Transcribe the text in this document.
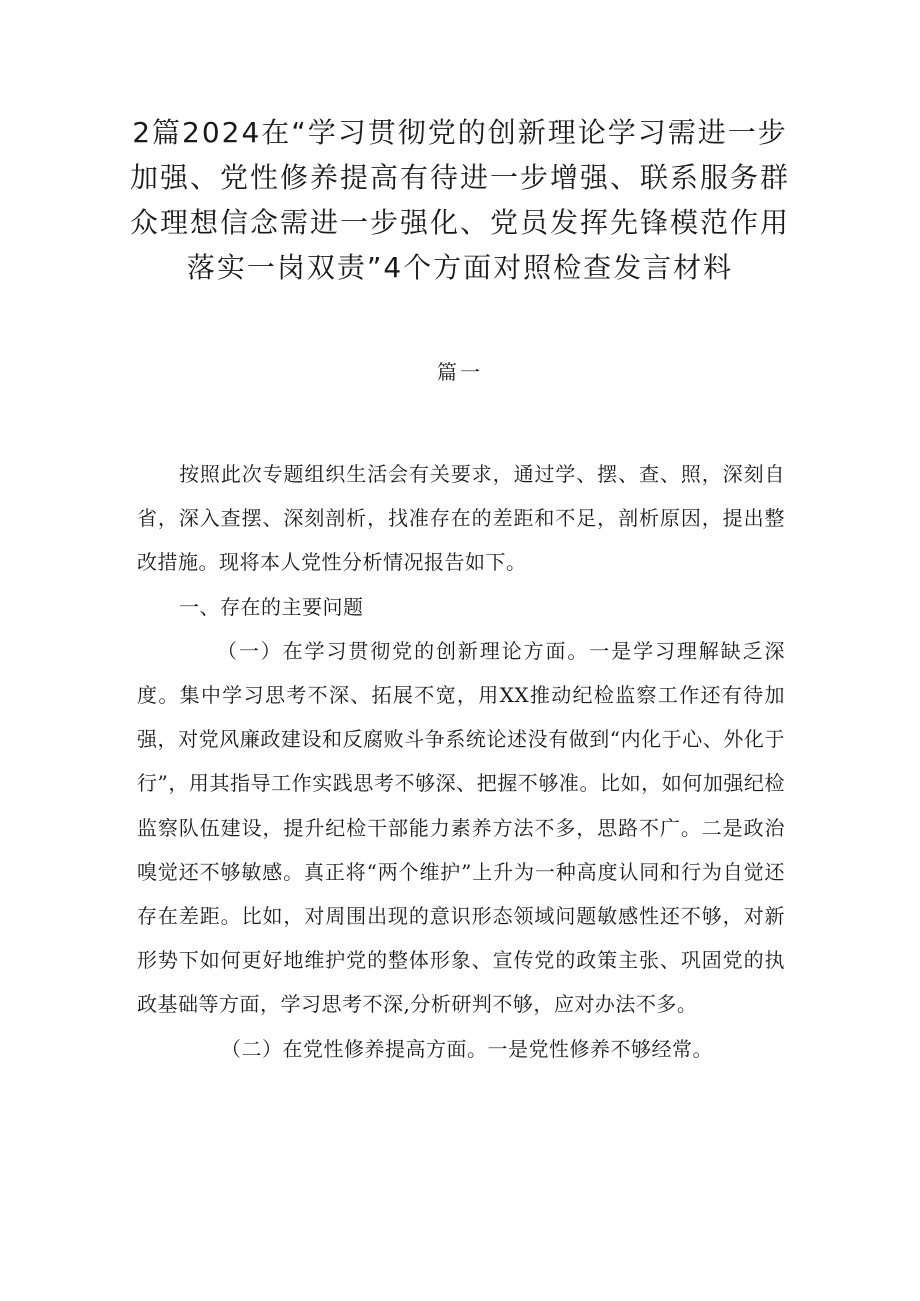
2篇2024在“学习贯彻党的创新理论学习需进一步
加强、党性修养提高有待进一步增强、联系服务群
众理想信念需进一步强化、党员发挥先锋模范作用
落实一岗双责”4个方面对照检查发言材料
篇一

按照此次专题组织生活会有关要求，通过学、摆、查、照，深刻自省，深入查摆、深刻剖析，找准存在的差距和不足，剖析原因，提出整改措施。现将本人党性分析情况报告如下。

一、存在的主要问题

（一）在学习贯彻党的创新理论方面。一是学习理解缺乏深度。集中学习思考不深、拓展不宽，用XX推动纪检监察工作还有待加强，对党风廉政建设和反腐败斗争系统论述没有做到“内化于心、外化于行”，用其指导工作实践思考不够深、把握不够准。比如，如何加强纪检监察队伍建设，提升纪检干部能力素养方法不多，思路不广。二是政治嗅觉还不够敏感。真正将“两个维护”上升为一种高度认同和行为自觉还存在差距。比如，对周围出现的意识形态领域问题敏感性还不够，对新形势下如何更好地维护党的整体形象、宣传党的政策主张、巩固党的执政基础等方面，学习思考不深,分析研判不够，应对办法不多。

（二）在党性修养提高方面。一是党性修养不够经常。
